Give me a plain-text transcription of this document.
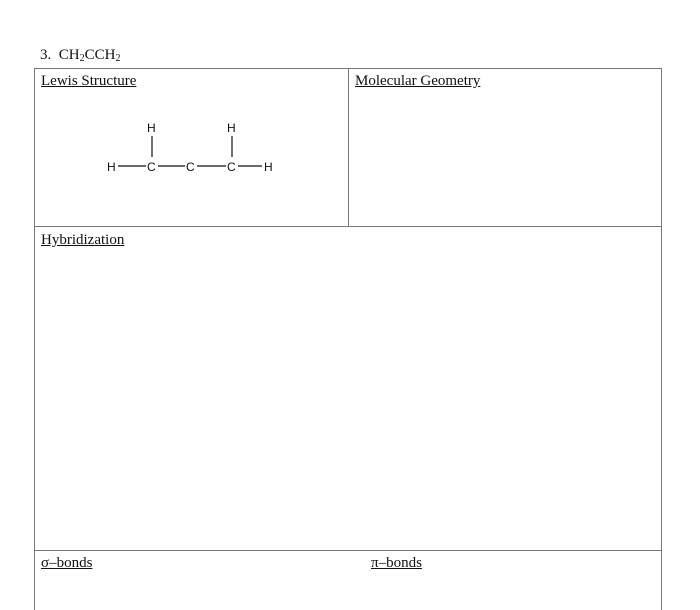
3. $CH_2CCH_2$
Lewis Structure
H	C	C	C H
H	H
Molecular Geometry
Hybridization
σ–bonds	π–bonds
